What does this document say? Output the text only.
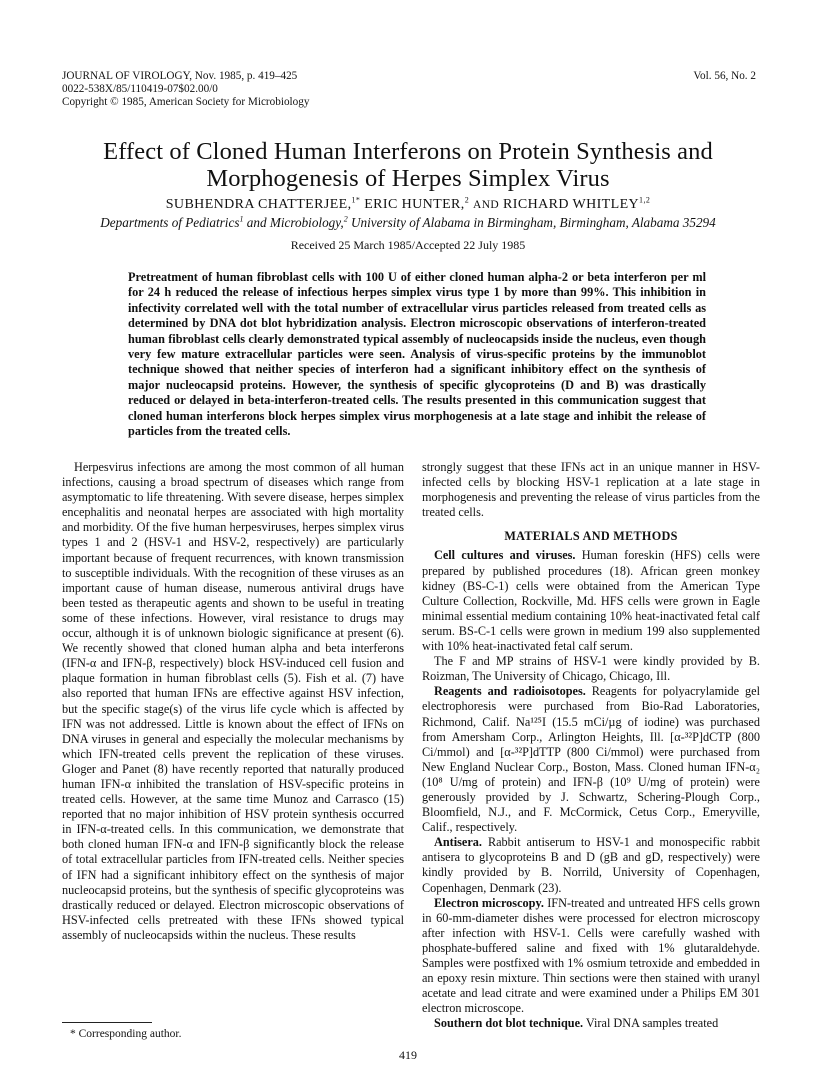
JOURNAL OF VIROLOGY, Nov. 1985, p. 419–425
0022-538X/85/110419-07$02.00/0
Copyright © 1985, American Society for Microbiology
Vol. 56, No. 2
Effect of Cloned Human Interferons on Protein Synthesis and
Morphogenesis of Herpes Simplex Virus
SUBHENDRA CHATTERJEE,$^{1*}$ ERIC HUNTER,$^2$ AND RICHARD WHITLEY$^{1,2}$
Departments of Pediatrics$^1$ and Microbiology,$^2$ University of Alabama in Birmingham, Birmingham, Alabama 35294
Received 25 March 1985/Accepted 22 July 1985
Pretreatment of human fibroblast cells with 100 U of either cloned human alpha-2 or beta interferon per ml for 24 h reduced the release of infectious herpes simplex virus type 1 by more than 99%. This inhibition in infectivity correlated well with the total number of extracellular virus particles released from treated cells as determined by DNA dot blot hybridization analysis. Electron microscopic observations of interferon-treated human fibroblast cells clearly demonstrated typical assembly of nucleocapsids inside the nucleus, even though very few mature extracellular particles were seen. Analysis of virus-specific proteins by the immunoblot technique showed that neither species of interferon had a significant inhibitory effect on the synthesis of major nucleocapsid proteins. However, the synthesis of specific glycoproteins (D and B) was drastically reduced or delayed in beta-interferon-treated cells. The results presented in this communication suggest that cloned human interferons block herpes simplex virus morphogenesis at a late stage and inhibit the release of particles from the treated cells.

Herpesvirus infections are among the most common of all human infections, causing a broad spectrum of diseases which range from asymptomatic to life threatening. With severe disease, herpes simplex encephalitis and neonatal herpes are associated with high mortality and morbidity. Of the five human herpesviruses, herpes simplex virus types 1 and 2 (HSV-1 and HSV-2, respectively) are particularly important because of frequent recurrences, with known transmission to susceptible individuals. With the recognition of these viruses as an important cause of human disease, numerous antiviral drugs have been tested as therapeutic agents and shown to be useful in treating some of these infections. However, viral resistance to drugs may occur, although it is of unknown biologic significance at present (6). We recently showed that cloned human alpha and beta interferons (IFN-α and IFN-β, respectively) block HSV-induced cell fusion and plaque formation in human fibroblast cells (5). Fish et al. (7) have also reported that human IFNs are effective against HSV infection, but the specific stage(s) of the virus life cycle which is affected by IFN was not addressed. Little is known about the effect of IFNs on DNA viruses in general and especially the molecular mechanisms by which IFN-treated cells prevent the replication of these viruses. Gloger and Panet (8) have recently reported that naturally produced human IFN-α inhibited the translation of HSV-specific proteins in treated cells. However, at the same time Munoz and Carrasco (15) reported that no major inhibition of HSV protein synthesis occurred in IFN-α-treated cells. In this communication, we demonstrate that both cloned human IFN-α and IFN-β significantly block the release of total extracellular particles from IFN-treated cells. Neither species of IFN had a significant inhibitory effect on the synthesis of major nucleocapsid proteins, but the synthesis of specific glycoproteins was drastically reduced or delayed. Electron microscopic observations of HSV-infected cells pretreated with these IFNs showed typical assembly of nucleocapsids within the nucleus. These results

* Corresponding author.

strongly suggest that these IFNs act in an unique manner in HSV-infected cells by blocking HSV-1 replication at a late stage in morphogenesis and preventing the release of virus particles from the treated cells.

MATERIALS AND METHODS

Cell cultures and viruses. Human foreskin (HFS) cells were prepared by published procedures (18). African green monkey kidney (BS-C-1) cells were obtained from the American Type Culture Collection, Rockville, Md. HFS cells were grown in Eagle minimal essential medium containing 10% heat-inactivated fetal calf serum. BS-C-1 cells were grown in medium 199 also supplemented with 10% heat-inactivated fetal calf serum.

The F and MP strains of HSV-1 were kindly provided by B. Roizman, The University of Chicago, Chicago, Ill.

Reagents and radioisotopes. Reagents for polyacrylamide gel electrophoresis were purchased from Bio-Rad Laboratories, Richmond, Calif. Na¹²⁵I (15.5 mCi/µg of iodine) was purchased from Amersham Corp., Arlington Heights, Ill. [α-³²P]dCTP (800 Ci/mmol) and [α-³²P]dTTP (800 Ci/mmol) were purchased from New England Nuclear Corp., Boston, Mass. Cloned human IFN-α₂ (10⁸ U/mg of protein) and IFN-β (10⁹ U/mg of protein) were generously provided by J. Schwartz, Schering-Plough Corp., Bloomfield, N.J., and F. McCormick, Cetus Corp., Emeryville, Calif., respectively.

Antisera. Rabbit antiserum to HSV-1 and monospecific rabbit antisera to glycoproteins B and D (gB and gD, respectively) were kindly provided by B. Norrild, University of Copenhagen, Copenhagen, Denmark (23).

Electron microscopy. IFN-treated and untreated HFS cells grown in 60-mm-diameter dishes were processed for electron microscopy after infection with HSV-1. Cells were carefully washed with phosphate-buffered saline and fixed with 1% glutaraldehyde. Samples were postfixed with 1% osmium tetroxide and embedded in an epoxy resin mixture. Thin sections were then stained with uranyl acetate and lead citrate and were examined under a Philips EM 301 electron microscope.

Southern dot blot technique. Viral DNA samples treated

419
